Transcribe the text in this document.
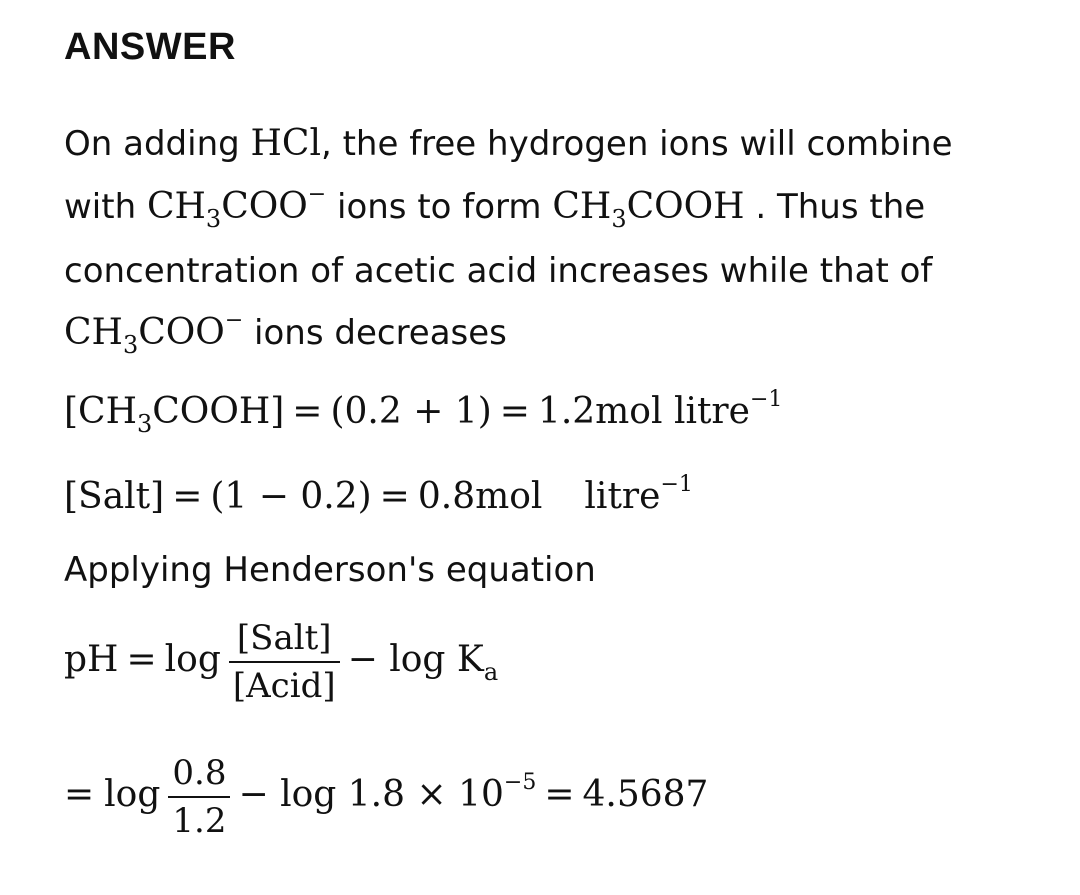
ANSWER
On adding HCl, the free hydrogen ions will combine
with $CH_3COO^-$ ions to form $CH_3COOH$ . Thus the
concentration of acetic acid increases while that of
$CH_3COO^-$ ions decreases
$[CH_3COOH] = (0.2 + 1) = 1.2mol$ litre$^{-1}$
[Salt] = (1 − 0.2) = 0.8mol litre$^{-1}$
Applying Henderson's equation
pH = $\log \frac{\text{[Salt]}}{\text{[Acid]}} - \log K_a$
= $\log \frac{0.8}{1.2} - \log 1.8 \times 10^{-5} = 4.5687$
